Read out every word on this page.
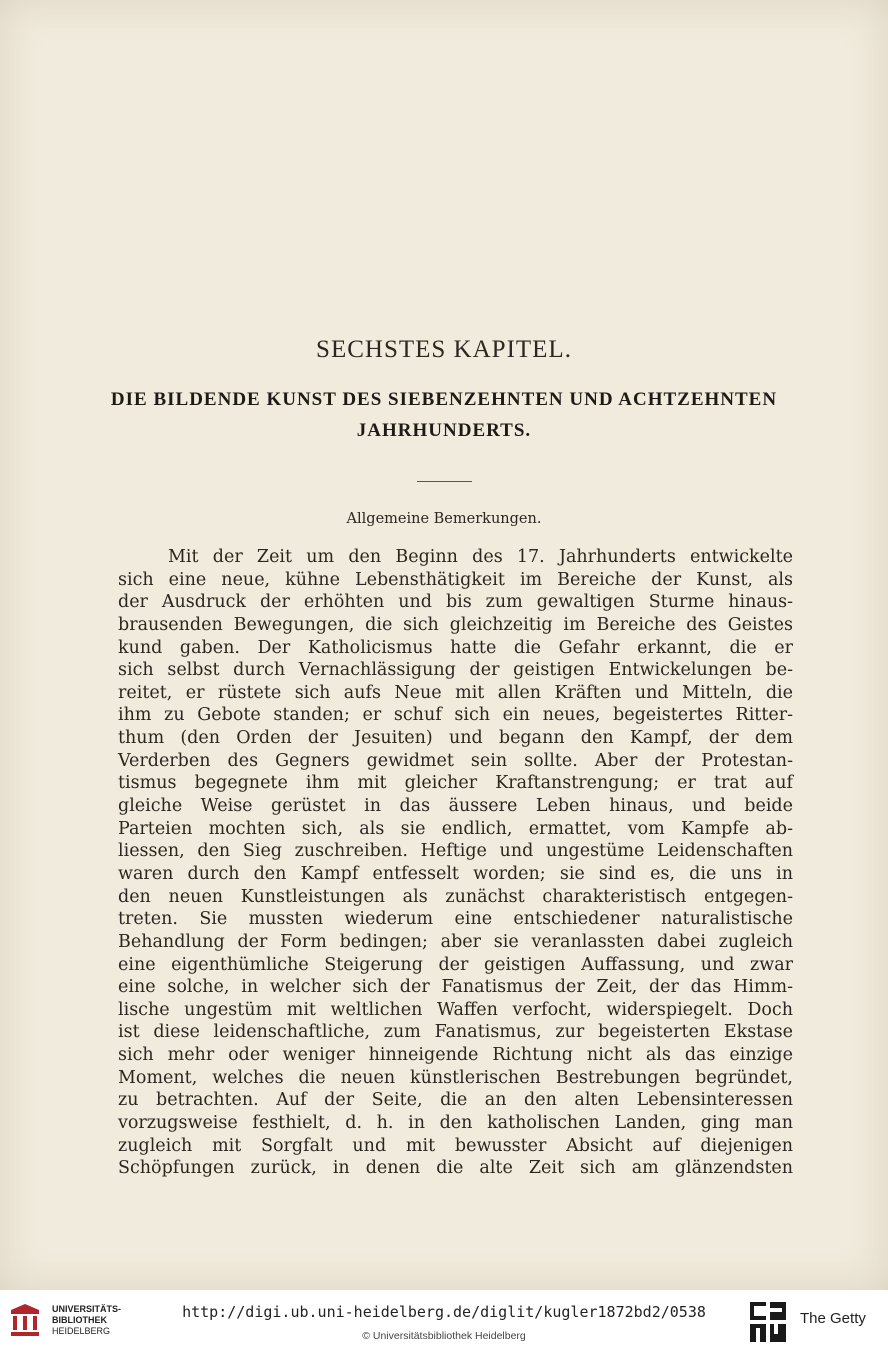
SECHSTES KAPITEL.
DIE BILDENDE KUNST DES SIEBENZEHNTEN UND ACHTZEHNTEN
JAHRHUNDERTS.
Allgemeine Bemerkungen.
Mit der Zeit um den Beginn des 17. Jahrhunderts entwickelte
sich eine neue, kühne Lebensthätigkeit im Bereiche der Kunst, als
der Ausdruck der erhöhten und bis zum gewaltigen Sturme hinaus-
brausenden Bewegungen, die sich gleichzeitig im Bereiche des Geistes
kund gaben. Der Katholicismus hatte die Gefahr erkannt, die er
sich selbst durch Vernachlässigung der geistigen Entwickelungen be-
reitet, er rüstete sich aufs Neue mit allen Kräften und Mitteln, die
ihm zu Gebote standen; er schuf sich ein neues, begeistertes Ritter-
thum (den Orden der Jesuiten) und begann den Kampf, der dem
Verderben des Gegners gewidmet sein sollte. Aber der Protestan-
tismus begegnete ihm mit gleicher Kraftanstrengung; er trat auf
gleiche Weise gerüstet in das äussere Leben hinaus, und beide
Parteien mochten sich, als sie endlich, ermattet, vom Kampfe ab-
liessen, den Sieg zuschreiben. Heftige und ungestüme Leidenschaften
waren durch den Kampf entfesselt worden; sie sind es, die uns in
den neuen Kunstleistungen als zunächst charakteristisch entgegen-
treten. Sie mussten wiederum eine entschiedener naturalistische
Behandlung der Form bedingen; aber sie veranlassten dabei zugleich
eine eigenthümliche Steigerung der geistigen Auffassung, und zwar
eine solche, in welcher sich der Fanatismus der Zeit, der das Himm-
lische ungestüm mit weltlichen Waffen verfocht, widerspiegelt. Doch
ist diese leidenschaftliche, zum Fanatismus, zur begeisterten Ekstase
sich mehr oder weniger hinneigende Richtung nicht als das einzige
Moment, welches die neuen künstlerischen Bestrebungen begründet,
zu betrachten. Auf der Seite, die an den alten Lebensinteressen
vorzugsweise festhielt, d. h. in den katholischen Landen, ging man
zugleich mit Sorgfalt und mit bewusster Absicht auf diejenigen
Schöpfungen zurück, in denen die alte Zeit sich am glänzendsten
UNIVERSITÄTS-
BIBLIOTHEK
HEIDELBERG
http://digi.ub.uni-heidelberg.de/diglit/kugler1872bd2/0538
© Universitätsbibliothek Heidelberg
The Getty
